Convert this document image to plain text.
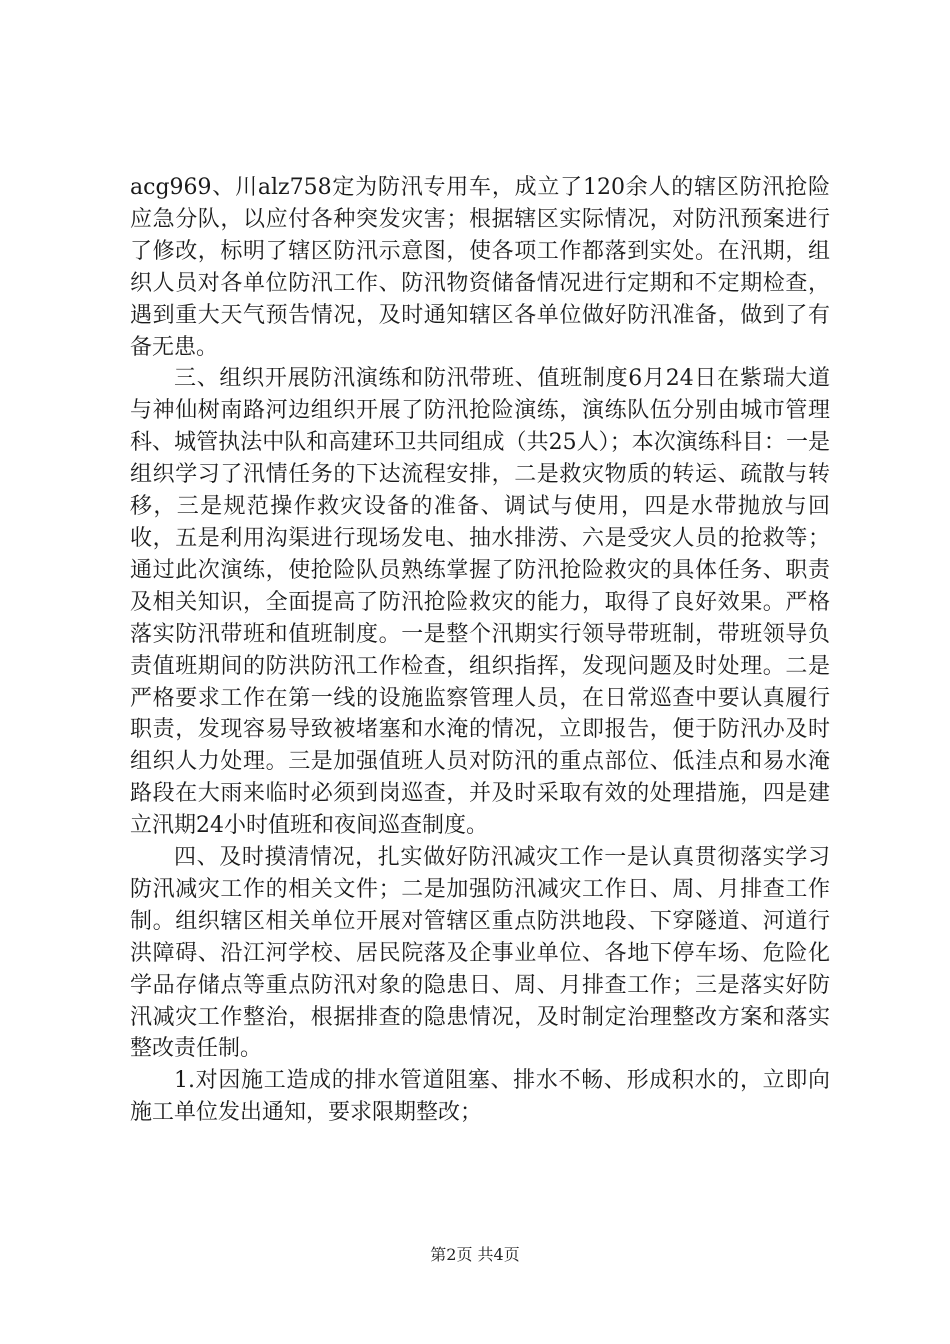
acg969、川alz758定为防汛专用车，成立了120余人的辖区防汛抢险应急分队，以应付各种突发灾害；根据辖区实际情况，对防汛预案进行了修改，标明了辖区防汛示意图，使各项工作都落到实处。在汛期，组织人员对各单位防汛工作、防汛物资储备情况进行定期和不定期检查，遇到重大天气预告情况，及时通知辖区各单位做好防汛准备，做到了有备无患。

三、组织开展防汛演练和防汛带班、值班制度6月24日在紫瑞大道与神仙树南路河边组织开展了防汛抢险演练，演练队伍分别由城市管理科、城管执法中队和高建环卫共同组成（共25人）；本次演练科目：一是组织学习了汛情任务的下达流程安排，二是救灾物质的转运、疏散与转移，三是规范操作救灾设备的准备、调试与使用，四是水带抛放与回收，五是利用沟渠进行现场发电、抽水排涝、六是受灾人员的抢救等；通过此次演练，使抢险队员熟练掌握了防汛抢险救灾的具体任务、职责及相关知识，全面提高了防汛抢险救灾的能力，取得了良好效果。严格落实防汛带班和值班制度。一是整个汛期实行领导带班制，带班领导负责值班期间的防洪防汛工作检查，组织指挥，发现问题及时处理。二是严格要求工作在第一线的设施监察管理人员，在日常巡查中要认真履行职责，发现容易导致被堵塞和水淹的情况，立即报告，便于防汛办及时组织人力处理。三是加强值班人员对防汛的重点部位、低洼点和易水淹路段在大雨来临时必须到岗巡查，并及时采取有效的处理措施，四是建立汛期24小时值班和夜间巡查制度。

四、及时摸清情况，扎实做好防汛减灾工作一是认真贯彻落实学习防汛减灾工作的相关文件；二是加强防汛减灾工作日、周、月排查工作制。组织辖区相关单位开展对管辖区重点防洪地段、下穿隧道、河道行洪障碍、沿江河学校、居民院落及企事业单位、各地下停车场、危险化学品存储点等重点防汛对象的隐患日、周、月排查工作；三是落实好防汛减灾工作整治，根据排查的隐患情况，及时制定治理整改方案和落实整改责任制。

1.对因施工造成的排水管道阻塞、排水不畅、形成积水的，立即向施工单位发出通知，要求限期整改；

第2页 共4页
